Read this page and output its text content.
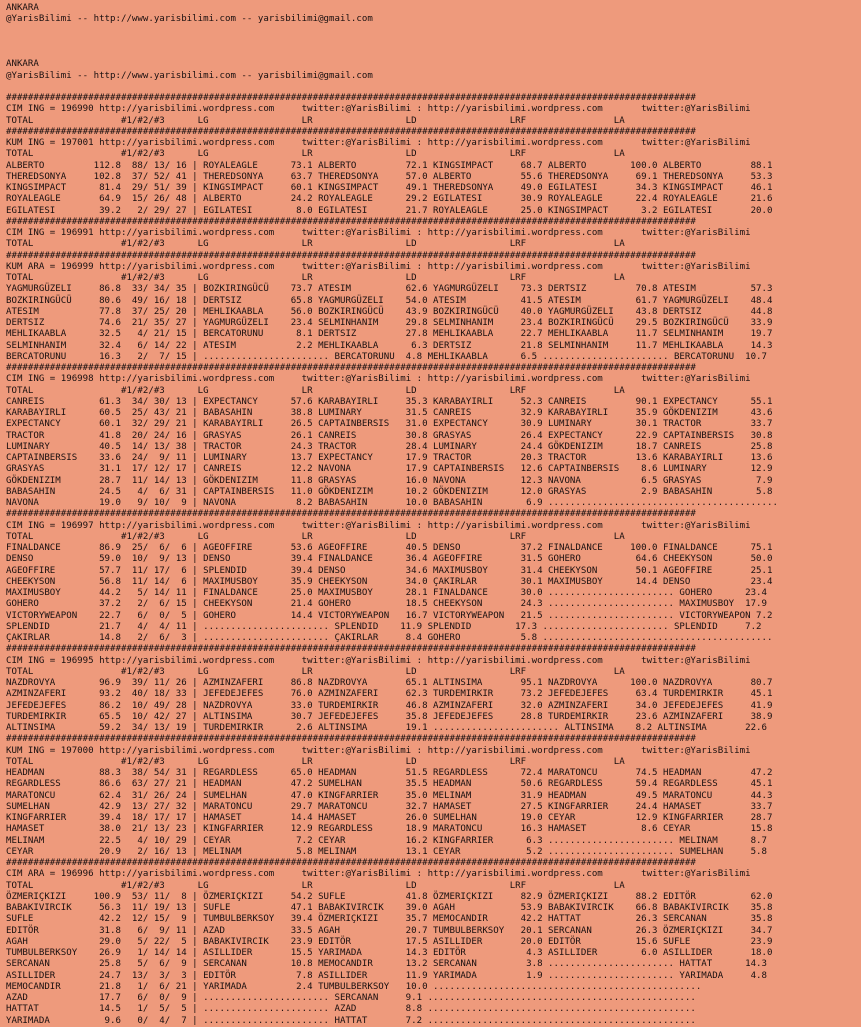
ANKARA
@YarisBilimi -- http://www.yarisbilimi.com -- yarisbilimi@gmail.com

ANKARA
@YarisBilimi -- http://www.yarisbilimi.com -- yarisbilimi@gmail.com

##############################################################################################################################
CIM ING = 196990 http://yarisbilimi.wordpress.com     twitter:@YarisBilimi : http://yarisbilimi.wordpress.com       twitter:@YarisBilimi
TOTAL                #1/#2/#3      LG                 LR                 LD                 LRF                LA
##############################################################################################################################
KUM ING = 197001 http://yarisbilimi.wordpress.com     twitter:@YarisBilimi : http://yarisbilimi.wordpress.com       twitter:@YarisBilimi
TOTAL                #1/#2/#3      LG                 LR                 LD                 LRF                LA
ALBERTO         112.8  88/ 13/ 16 | ROYALEAGLE      73.1 ALBERTO         72.1 KINGSIMPACT     68.7 ALBERTO        100.0 ALBERTO         88.1
THEREDSONYA     102.8  37/ 52/ 41 | THEREDSONYA     63.7 THEREDSONYA     57.0 ALBERTO         55.6 THEREDSONYA     69.1 THEREDSONYA     53.3
KINGSIMPACT      81.4  29/ 51/ 39 | KINGSIMPACT     60.1 KINGSIMPACT     49.1 THEREDSONYA     49.0 EGILATESI       34.3 KINGSIMPACT     46.1
ROYALEAGLE       64.9  15/ 26/ 48 | ALBERTO         24.2 ROYALEAGLE      29.2 EGILATESI       30.9 ROYALEAGLE      22.4 ROYALEAGLE      21.6
EGILATESI        39.2   2/ 29/ 27 | EGILATESI        8.0 EGILATESI       21.7 ROYALEAGLE      25.0 KINGSIMPACT      3.2 EGILATESI       20.0
##############################################################################################################################
CIM ING = 196991 http://yarisbilimi.wordpress.com     twitter:@YarisBilimi : http://yarisbilimi.wordpress.com       twitter:@YarisBilimi
TOTAL                #1/#2/#3      LG                 LR                 LD                 LRF                LA
##############################################################################################################################
KUM ARA = 196999 http://yarisbilimi.wordpress.com     twitter:@YarisBilimi : http://yarisbilimi.wordpress.com       twitter:@YarisBilimi
TOTAL                #1/#2/#3      LG                 LR                 LD                 LRF                LA
YAGMURGÜZELI     86.8  33/ 34/ 35 | BOZKIRINGÜCÜ    73.7 ATESIM          62.6 YAGMURGÜZELI    73.3 DERTSIZ         70.8 ATESIM          57.3
BOZKIRINGÜCÜ     80.6  49/ 16/ 18 | DERTSIZ         65.8 YAGMURGÜZELI    54.0 ATESIM          41.5 ATESIM          61.7 YAGMURGÜZELI    48.4
ATESIM           77.8  37/ 25/ 20 | MEHLIKAABLA     56.0 BOZKIRINGÜCÜ    43.9 BOZKIRINGÜCÜ    40.0 YAGMURGÜZELI    43.8 DERTSIZ         44.8
DERTSIZ          74.6  21/ 35/ 27 | YAGMURGÜZELI    23.4 SELMINHANIM     29.8 SELMINHANIM     23.4 BOZKIRINGÜCÜ    29.5 BOZKIRINGÜCÜ    33.9
MEHLIKAABLA      32.5   4/ 21/ 15 | BERCATORUNU      8.1 DERTSIZ         27.8 MEHLIKAABLA     22.7 MEHLIKAABLA     11.7 SELMINHANIM     19.7
SELMINHANIM      32.4   6/ 14/ 22 | ATESIM           2.2 MEHLIKAABLA      6.3 DERTSIZ         21.8 SELMINHANIM     11.7 MEHLIKAABLA     14.3
BERCATORUNU      16.3   2/  7/ 15 | ....................... BERCATORUNU  4.8 MEHLIKAABLA      6.5 ....................... BERCATORUNU  10.7
##############################################################################################################################
CIM ING = 196998 http://yarisbilimi.wordpress.com     twitter:@YarisBilimi : http://yarisbilimi.wordpress.com       twitter:@YarisBilimi
TOTAL                #1/#2/#3      LG                 LR                 LD                 LRF                LA
CANREIS          61.3  34/ 30/ 13 | EXPECTANCY      57.6 KARABAYIRLI     35.3 KARABAYIRLI     52.3 CANREIS         90.1 EXPECTANCY      55.1
KARABAYIRLI      60.5  25/ 43/ 21 | BABASAHIN       38.8 LUMINARY        31.5 CANREIS         32.9 KARABAYIRLI     35.9 GÖKDENIZIM      43.6
EXPECTANCY       60.1  32/ 29/ 21 | KARABAYIRLI     26.5 CAPTAINBERSIS   31.0 EXPECTANCY      30.9 LUMINARY        30.1 TRACTOR         33.7
TRACTOR          41.8  20/ 24/ 16 | GRASYAS         26.1 CANREIS         30.8 GRASYAS         26.4 EXPECTANCY      22.9 CAPTAINBERSIS   30.8
LUMINARY         40.5  14/ 13/ 38 | TRACTOR         24.3 TRACTOR         28.4 LUMINARY        24.4 GÖKDENIZIM      18.7 CANREIS         25.8
CAPTAINBERSIS    33.6  24/  9/ 11 | LUMINARY        13.7 EXPECTANCY      17.9 TRACTOR         20.3 TRACTOR         13.6 KARABAYIRLI     13.6
GRASYAS          31.1  17/ 12/ 17 | CANREIS         12.2 NAVONA          17.9 CAPTAINBERSIS   12.6 CAPTAINBERSIS    8.6 LUMINARY        12.9
GÖKDENIZIM       28.7  11/ 14/ 13 | GÖKDENIZIM      11.8 GRASYAS         16.0 NAVONA          12.3 NAVONA           6.5 GRASYAS          7.9
BABASAHIN        24.5   4/  6/ 31 | CAPTAINBERSIS   11.0 GÖKDENIZIM      10.2 GÖKDENIZIM      12.0 GRASYAS          2.9 BABASAHIN        5.8
NAVONA           19.0   9/ 10/  9 | NAVONA           8.2 BABASAHIN       10.0 BABASAHIN        6.9 ..........................................
##############################################################################################################################
CIM ING = 196997 http://yarisbilimi.wordpress.com     twitter:@YarisBilimi : http://yarisbilimi.wordpress.com       twitter:@YarisBilimi
TOTAL                #1/#2/#3      LG                 LR                 LD                 LRF                LA
FINALDANCE       86.9  25/  6/  6 | AGEOFFIRE       53.6 AGEOFFIRE       40.5 DENSO           37.2 FINALDANCE     100.0 FINALDANCE      75.1
DENSO            59.0  10/  9/ 13 | DENSO           39.4 FINALDANCE      36.4 AGEOFFIRE       31.5 GOHERO          64.6 CHEEKYSON       50.0
AGEOFFIRE        57.7  11/ 17/  6 | SPLENDID        39.4 DENSO           34.6 MAXIMUSBOY      31.4 CHEEKYSON       50.1 AGEOFFIRE       25.1
CHEEKYSON        56.8  11/ 14/  6 | MAXIMUSBOY      35.9 CHEEKYSON       34.0 ÇAKIRLAR        30.1 MAXIMUSBOY      14.4 DENSO           23.4
MAXIMUSBOY       44.2   5/ 14/ 11 | FINALDANCE      25.0 MAXIMUSBOY      28.1 FINALDANCE      30.0 ....................... GOHERO      23.4
GOHERO           37.2   2/  6/ 15 | CHEEKYSON       21.4 GOHERO          18.5 CHEEKYSON       24.3 ....................... MAXIMUSBOY  17.9
VICTORYWEAPON    22.7   6/  0/  5 | GOHERO          14.4 VICTORYWEAPON   16.7 VICTORYWEAPON   21.5 ....................... VICTORYWEAPON 7.2
SPLENDID         21.7   4/  4/ 11 | ....................... SPLENDID    11.9 SPLENDID        17.3 ....................... SPLENDID     7.2
ÇAKIRLAR         14.8   2/  6/  3 | ....................... ÇAKIRLAR     8.4 GOHERO           5.8 ..........................................
##############################################################################################################################
CIM ING = 196995 http://yarisbilimi.wordpress.com     twitter:@YarisBilimi : http://yarisbilimi.wordpress.com       twitter:@YarisBilimi
TOTAL                #1/#2/#3      LG                 LR                 LD                 LRF                LA
NAZDROVYA        96.9  39/ 11/ 26 | AZMINZAFERI     86.8 NAZDROVYA       65.1 ALTINSIMA       95.1 NAZDROVYA      100.0 NAZDROVYA       80.7
AZMINZAFERI      93.2  40/ 18/ 33 | JEFEDEJEFES     76.0 AZMINZAFERI     62.3 TURDEMIRKIR     73.2 JEFEDEJEFES     63.4 TURDEMIRKIR     45.1
JEFEDEJEFES      86.2  10/ 49/ 28 | NAZDROVYA       33.0 TURDEMIRKIR     46.8 AZMINZAFERI     32.0 AZMINZAFERI     34.0 JEFEDEJEFES     41.9
TURDEMIRKIR      65.5  10/ 42/ 27 | ALTINSIMA       30.7 JEFEDEJEFES     35.8 JEFEDEJEFES     28.8 TURDEMIRKIR     23.6 AZMINZAFERI     38.9
ALTINSIMA        59.2  34/ 13/ 19 | TURDEMIRKIR      2.6 ALTINSIMA       19.1 ....................... ALTINSIMA    8.2 ALTINSIMA       22.6
##############################################################################################################################
KUM ING = 197000 http://yarisbilimi.wordpress.com     twitter:@YarisBilimi : http://yarisbilimi.wordpress.com       twitter:@YarisBilimi
TOTAL                #1/#2/#3      LG                 LR                 LD                 LRF                LA
HEADMAN          88.3  38/ 54/ 31 | REGARDLESS      65.0 HEADMAN         51.5 REGARDLESS      72.4 MARATONCU       74.5 HEADMAN         47.2
REGARDLESS       86.6  63/ 27/ 21 | HEADMAN         47.2 SUMELHAN        35.5 HEADMAN         50.6 REGARDLESS      59.4 REGARDLESS      45.1
MARATONCU        62.4  31/ 26/ 24 | SUMELHAN        47.0 KINGFARRIER     35.0 MELINAM         31.9 HEADMAN         49.5 MARATONCU       44.3
SUMELHAN         42.9  13/ 27/ 32 | MARATONCU       29.7 MARATONCU       32.7 HAMASET         27.5 KINGFARRIER     24.4 HAMASET         33.7
KINGFARRIER      39.4  18/ 17/ 17 | HAMASET         14.4 HAMASET         26.0 SUMELHAN        19.0 CEYAR           12.9 KINGFARRIER     28.7
HAMASET          38.0  21/ 13/ 23 | KINGFARRIER     12.9 REGARDLESS      18.9 MARATONCU       16.3 HAMASET          8.6 CEYAR           15.8
MELINAM          22.5   4/ 10/ 29 | CEYAR            7.2 CEYAR           16.2 KINGFARRIER      6.3 ....................... MELINAM      8.7
CEYAR            20.9   2/ 16/ 13 | MELINAM          5.8 MELINAM         13.1 CEYAR            5.2 ....................... SUMELHAN     5.8
##############################################################################################################################
CIM ARA = 196996 http://yarisbilimi.wordpress.com     twitter:@YarisBilimi : http://yarisbilimi.wordpress.com       twitter:@YarisBilimi
TOTAL                #1/#2/#3      LG                 LR                 LD                 LRF                LA
ÖZMERIÇKIZI     100.9  53/ 11/  8 | ÖZMERIÇKIZI     54.2 SUFLE           41.8 ÖZMERIÇKIZI     82.9 ÖZMERIÇKIZI     88.2 EDITÖR          62.0
BABAKIVIRCIK     56.3  11/ 19/ 13 | SUFLE           47.1 BABAKIVIRCIK    39.0 AGAH            53.9 BABAKIVIRCIK    66.8 BABAKIVIRCIK    35.8
SUFLE            42.2  12/ 15/  9 | TUMBULBERKSOY   39.4 ÖZMERIÇKIZI     35.7 MEMOCANDIR      42.2 HATTAT          26.3 SERCANAN        35.8
EDITÖR           31.8   6/  9/ 11 | AZAD            33.5 AGAH            20.7 TUMBULBERKSOY   20.1 SERCANAN        26.3 ÖZMERIÇKIZI     34.7
AGAH             29.0   5/ 22/  5 | BABAKIVIRCIK    23.9 EDITÖR          17.5 ASILLIDER       20.0 EDITÖR          15.6 SUFLE           23.9
TUMBULBERKSOY    26.9   1/ 14/ 14 | ASILLIDER       15.5 YARIMADA        14.3 EDITÖR           4.3 ASILLIDER        6.0 ASILLIDER       18.0
SERCANAN         25.8   5/  6/  9 | SERCANAN        10.8 MEMOCANDIR      13.2 SERCANAN         3.8 ....................... HATTAT      14.3
ASILLIDER        24.7  13/  3/  3 | EDITÖR           7.8 ASILLIDER       11.9 YARIMADA         1.9 ....................... YARIMADA     4.8
MEMOCANDIR       21.8   1/  6/ 21 | YARIMADA         2.4 TUMBULBERKSOY   10.0 .................................................
AZAD             17.7   6/  0/  9 | ....................... SERCANAN     9.1 .................................................
HATTAT           14.5   1/  5/  5 | ....................... AZAD         8.8 .................................................
YARIMADA          9.6   0/  4/  7 | ....................... HATTAT       7.2 .................................................
